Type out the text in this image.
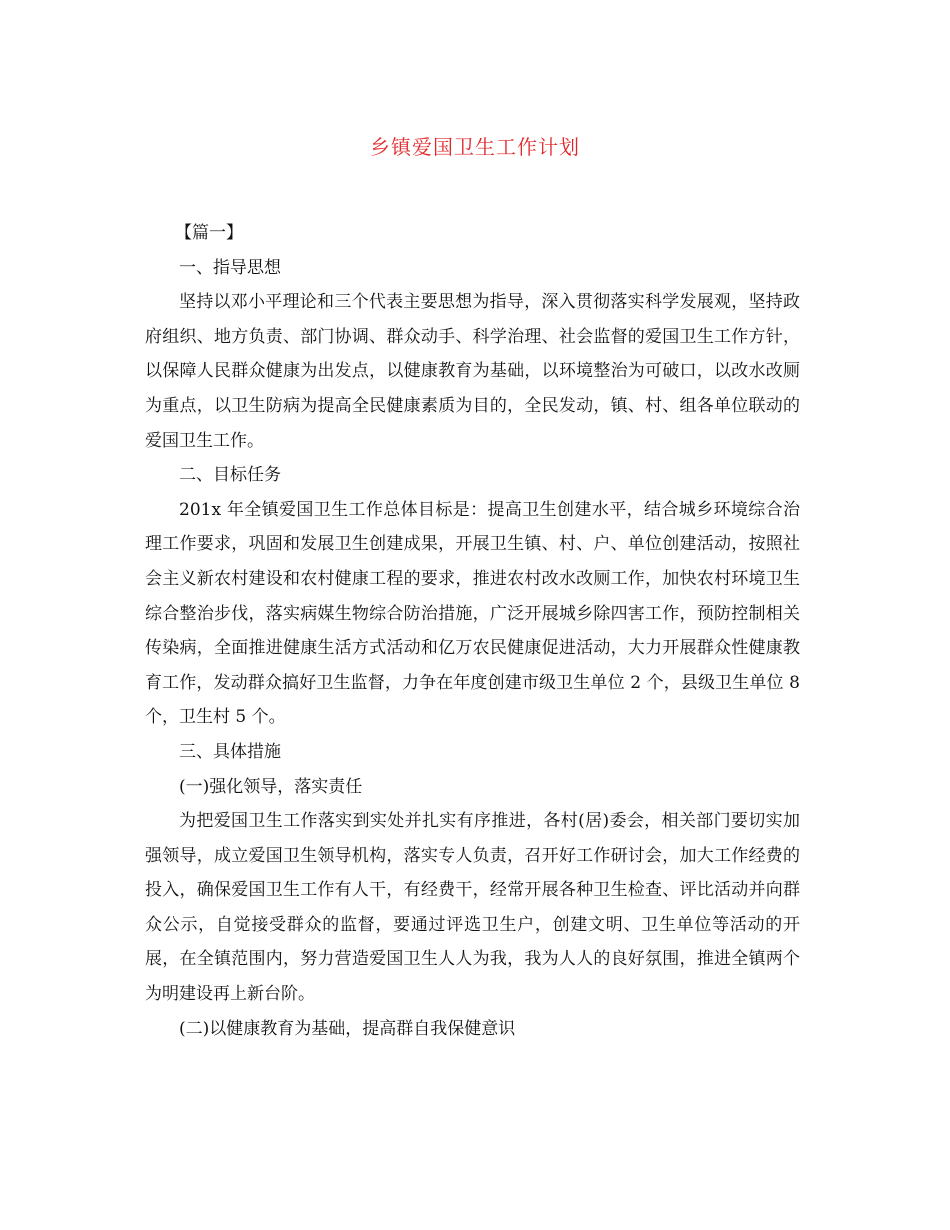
乡镇爱国卫生工作计划

【篇一】

一、指导思想

坚持以邓小平理论和三个代表主要思想为指导，深入贯彻落实科学发展观，坚持政府组织、地方负责、部门协调、群众动手、科学治理、社会监督的爱国卫生工作方针，以保障人民群众健康为出发点，以健康教育为基础，以环境整治为可破口，以改水改厕为重点，以卫生防病为提高全民健康素质为目的，全民发动，镇、村、组各单位联动的爱国卫生工作。

二、目标任务

201x 年全镇爱国卫生工作总体目标是：提高卫生创建水平，结合城乡环境综合治理工作要求，巩固和发展卫生创建成果，开展卫生镇、村、户、单位创建活动，按照社会主义新农村建设和农村健康工程的要求，推进农村改水改厕工作，加快农村环境卫生综合整治步伐，落实病媒生物综合防治措施，广泛开展城乡除四害工作，预防控制相关传染病，全面推进健康生活方式活动和亿万农民健康促进活动，大力开展群众性健康教育工作，发动群众搞好卫生监督，力争在年度创建市级卫生单位 2 个，县级卫生单位 8 个，卫生村 5 个。

三、具体措施

(一)强化领导，落实责任

为把爱国卫生工作落实到实处并扎实有序推进，各村(居)委会，相关部门要切实加强领导，成立爱国卫生领导机构，落实专人负责，召开好工作研讨会，加大工作经费的投入，确保爱国卫生工作有人干，有经费干，经常开展各种卫生检查、评比活动并向群众公示，自觉接受群众的监督，要通过评选卫生户，创建文明、卫生单位等活动的开展，在全镇范围内，努力营造爱国卫生人人为我，我为人人的良好氛围，推进全镇两个为明建设再上新台阶。

(二)以健康教育为基础，提高群自我保健意识
